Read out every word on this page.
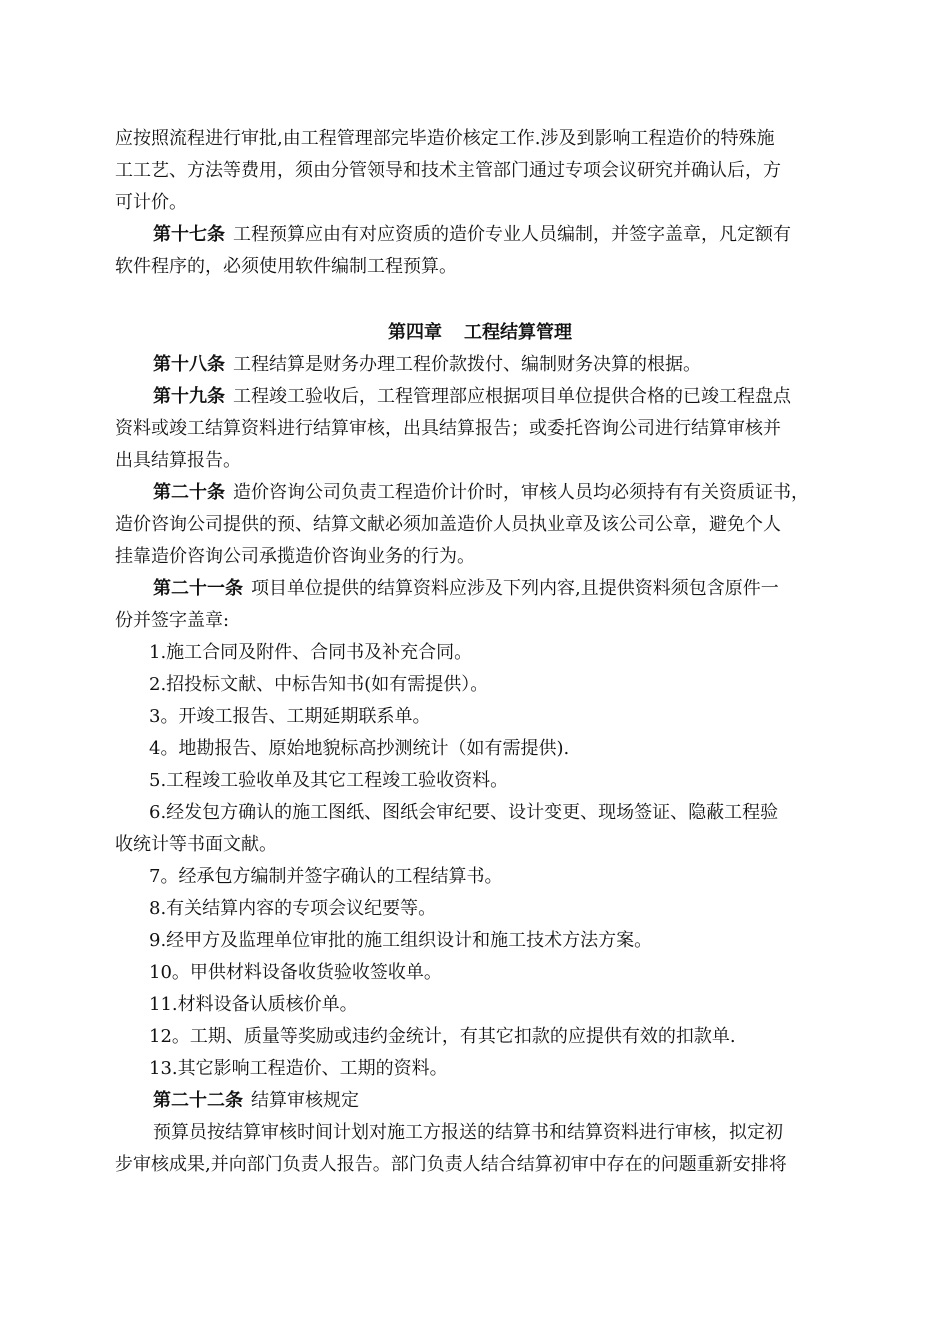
应按照流程进行审批,由工程管理部完毕造价核定工作.涉及到影响工程造价的特殊施
工工艺、方法等费用，须由分管领导和技术主管部门通过专项会议研究并确认后，方
可计价。
第十七条 工程预算应由有对应资质的造价专业人员编制，并签字盖章，凡定额有
软件程序的，必须使用软件编制工程预算。
第四章 工程结算管理
第十八条 工程结算是财务办理工程价款拨付、编制财务决算的根据。
第十九条 工程竣工验收后，工程管理部应根据项目单位提供合格的已竣工程盘点
资料或竣工结算资料进行结算审核，出具结算报告；或委托咨询公司进行结算审核并
出具结算报告。
第二十条 造价咨询公司负责工程造价计价时，审核人员均必须持有有关资质证书，
造价咨询公司提供的预、结算文献必须加盖造价人员执业章及该公司公章，避免个人
挂靠造价咨询公司承揽造价咨询业务的行为。
第二十一条 项目单位提供的结算资料应涉及下列内容,且提供资料须包含原件一
份并签字盖章:
1.施工合同及附件、合同书及补充合同。
2.招投标文献、中标告知书(如有需提供）。
3。开竣工报告、工期延期联系单。
4。地勘报告、原始地貌标高抄测统计（如有需提供).
5.工程竣工验收单及其它工程竣工验收资料。
6.经发包方确认的施工图纸、图纸会审纪要、设计变更、现场签证、隐蔽工程验
收统计等书面文献。
7。经承包方编制并签字确认的工程结算书。
8.有关结算内容的专项会议纪要等。
9.经甲方及监理单位审批的施工组织设计和施工技术方法方案。
10。甲供材料设备收货验收签收单。
11.材料设备认质核价单。
12。工期、质量等奖励或违约金统计，有其它扣款的应提供有效的扣款单.
13.其它影响工程造价、工期的资料。
第二十二条 结算审核规定
预算员按结算审核时间计划对施工方报送的结算书和结算资料进行审核，拟定初
步审核成果,并向部门负责人报告。部门负责人结合结算初审中存在的问题重新安排将
